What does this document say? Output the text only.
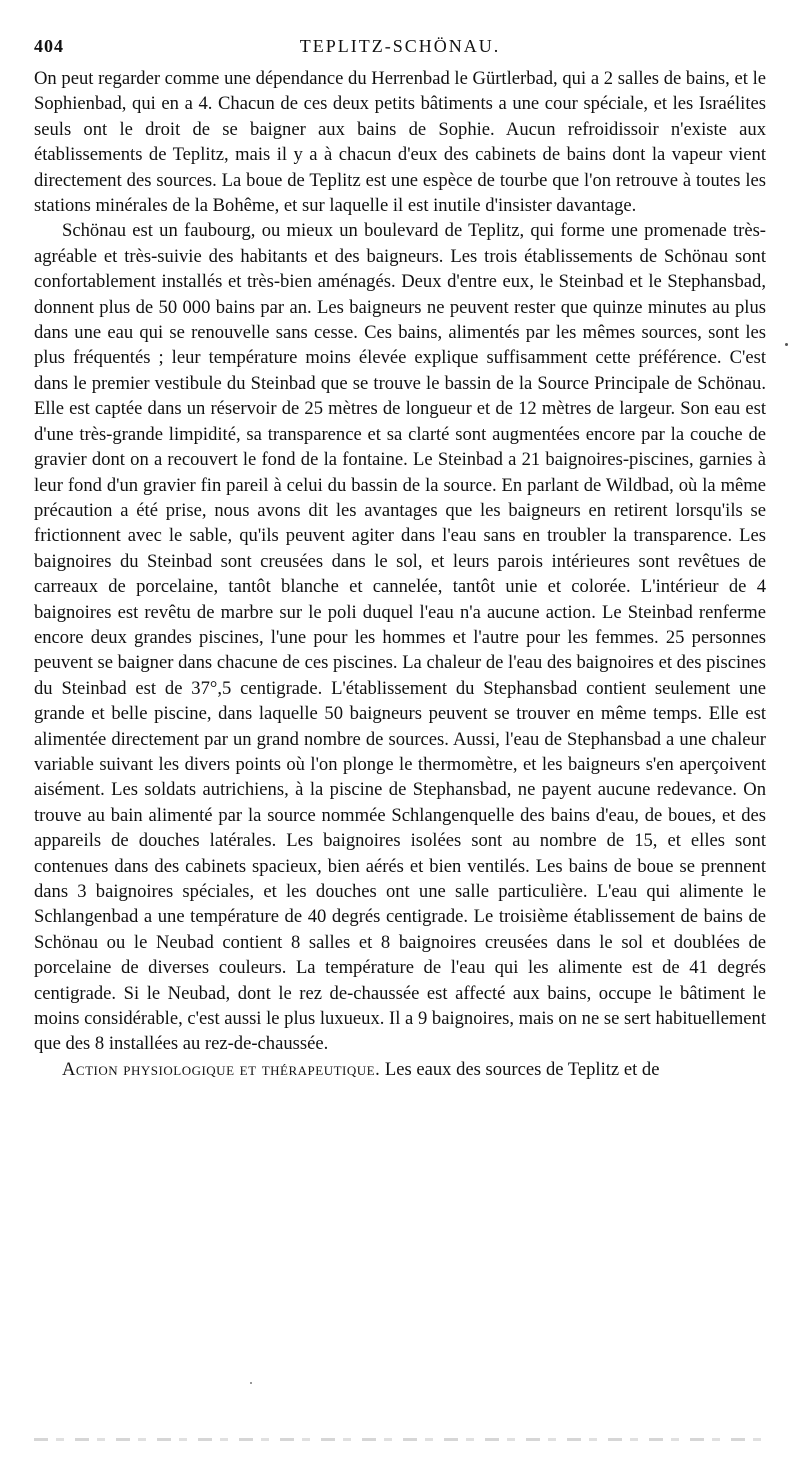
404	TEPLITZ-SCHÖNAU.

On peut regarder comme une dépendance du Herrenbad le Gürtlerbad, qui a 2 salles de bains, et le Sophienbad, qui en a 4. Chacun de ces deux petits bâtiments a une cour spéciale, et les Israélites seuls ont le droit de se baigner aux bains de Sophie. Aucun refroidissoir n'existe aux établissements de Teplitz, mais il y a à chacun d'eux des cabinets de bains dont la vapeur vient directement des sources. La boue de Teplitz est une espèce de tourbe que l'on retrouve à toutes les stations minérales de la Bohême, et sur laquelle il est inutile d'insister davantage.

Schönau est un faubourg, ou mieux un boulevard de Teplitz, qui forme une promenade très-agréable et très-suivie des habitants et des baigneurs. Les trois établissements de Schönau sont confortablement installés et très-bien aménagés. Deux d'entre eux, le Steinbad et le Stephansbad, donnent plus de 50 000 bains par an. Les baigneurs ne peuvent rester que quinze minutes au plus dans une eau qui se renouvelle sans cesse. Ces bains, alimentés par les mêmes sources, sont les plus fréquentés ; leur température moins élevée explique suffisamment cette préférence. C'est dans le premier vestibule du Steinbad que se trouve le bassin de la Source Principale de Schönau. Elle est captée dans un réservoir de 25 mètres de longueur et de 12 mètres de largeur. Son eau est d'une très-grande limpidité, sa transparence et sa clarté sont augmentées encore par la couche de gravier dont on a recouvert le fond de la fontaine. Le Steinbad a 21 baignoires-piscines, garnies à leur fond d'un gravier fin pareil à celui du bassin de la source. En parlant de Wildbad, où la même précaution a été prise, nous avons dit les avantages que les baigneurs en retirent lorsqu'ils se frictionnent avec le sable, qu'ils peuvent agiter dans l'eau sans en troubler la transparence. Les baignoires du Steinbad sont creusées dans le sol, et leurs parois intérieures sont revêtues de carreaux de porcelaine, tantôt blanche et cannelée, tantôt unie et colorée. L'intérieur de 4 baignoires est revêtu de marbre sur le poli duquel l'eau n'a aucune action. Le Steinbad renferme encore deux grandes piscines, l'une pour les hommes et l'autre pour les femmes. 25 personnes peuvent se baigner dans chacune de ces piscines. La chaleur de l'eau des baignoires et des piscines du Steinbad est de 37°,5 centigrade. L'établissement du Stephansbad contient seulement une grande et belle piscine, dans laquelle 50 baigneurs peuvent se trouver en même temps. Elle est alimentée directement par un grand nombre de sources. Aussi, l'eau de Stephansbad a une chaleur variable suivant les divers points où l'on plonge le thermomètre, et les baigneurs s'en aperçoivent aisément. Les soldats autrichiens, à la piscine de Stephansbad, ne payent aucune redevance. On trouve au bain alimenté par la source nommée Schlangenquelle des bains d'eau, de boues, et des appareils de douches latérales. Les baignoires isolées sont au nombre de 15, et elles sont contenues dans des cabinets spacieux, bien aérés et bien ventilés. Les bains de boue se prennent dans 3 baignoires spéciales, et les douches ont une salle particulière. L'eau qui alimente le Schlangenbad a une température de 40 degrés centigrade. Le troisième établissement de bains de Schönau ou le Neubad contient 8 salles et 8 baignoires creusées dans le sol et doublées de porcelaine de diverses couleurs. La température de l'eau qui les alimente est de 41 degrés centigrade. Si le Neubad, dont le rez de-chaussée est affecté aux bains, occupe le bâtiment le moins considérable, c'est aussi le plus luxueux. Il a 9 baignoires, mais on ne se sert habituellement que des 8 installées au rez-de-chaussée.

Action physiologique et thérapeutique. Les eaux des sources de Teplitz et de
